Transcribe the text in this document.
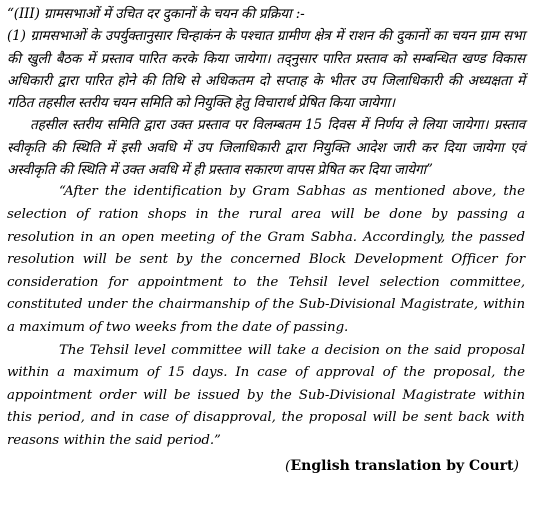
“(III) ग्रामसभाओं में उचित दर दुकानों के चयन की प्रक्रिया :-

(1) ग्रामसभाओं के उपर्युक्तानुसार चिन्हाकंन के पश्चात ग्रामीण क्षेत्र में राशन की दुकानों का चयन ग्राम सभा की खुली बैठक में प्रस्ताव पारित करके किया जायेगा। तद्नुसार पारित प्रस्ताव को सम्बन्धित खण्ड विकास अधिकारी द्वारा पारित होने की तिथि से अधिकतम दो सप्ताह के भीतर उप जिलाधिकारी की अध्यक्षता में गठित तहसील स्तरीय चयन समिति को नियुक्ति हेतु विचारार्थ प्रेषित किया जायेगा।

तहसील स्तरीय समिति द्वारा उक्त प्रस्ताव पर विलम्बतम 15 दिवस में निर्णय ले लिया जायेगा। प्रस्ताव स्वीकृति की स्थिति में इसी अवधि में उप जिलाधिकारी द्वारा नियुक्ति आदेश जारी कर दिया जायेगा एवं अस्वीकृति की स्थिति में उक्त अवधि में ही प्रस्ताव सकारण वापस प्रेषित कर दिया जायेगा”

“After the identification by Gram Sabhas as mentioned above, the selection of ration shops in the rural area will be done by passing a resolution in an open meeting of the Gram Sabha. Accordingly, the passed resolution will be sent by the concerned Block Development Officer for consideration for appointment to the Tehsil level selection committee, constituted under the chairmanship of the Sub-Divisional Magistrate, within a maximum of two weeks from the date of passing.

The Tehsil level committee will take a decision on the said proposal within a maximum of 15 days. In case of approval of the proposal, the appointment order will be issued by the Sub-Divisional Magistrate within this period, and in case of disapproval, the proposal will be sent back with reasons within the said period.”

(English translation by Court)
